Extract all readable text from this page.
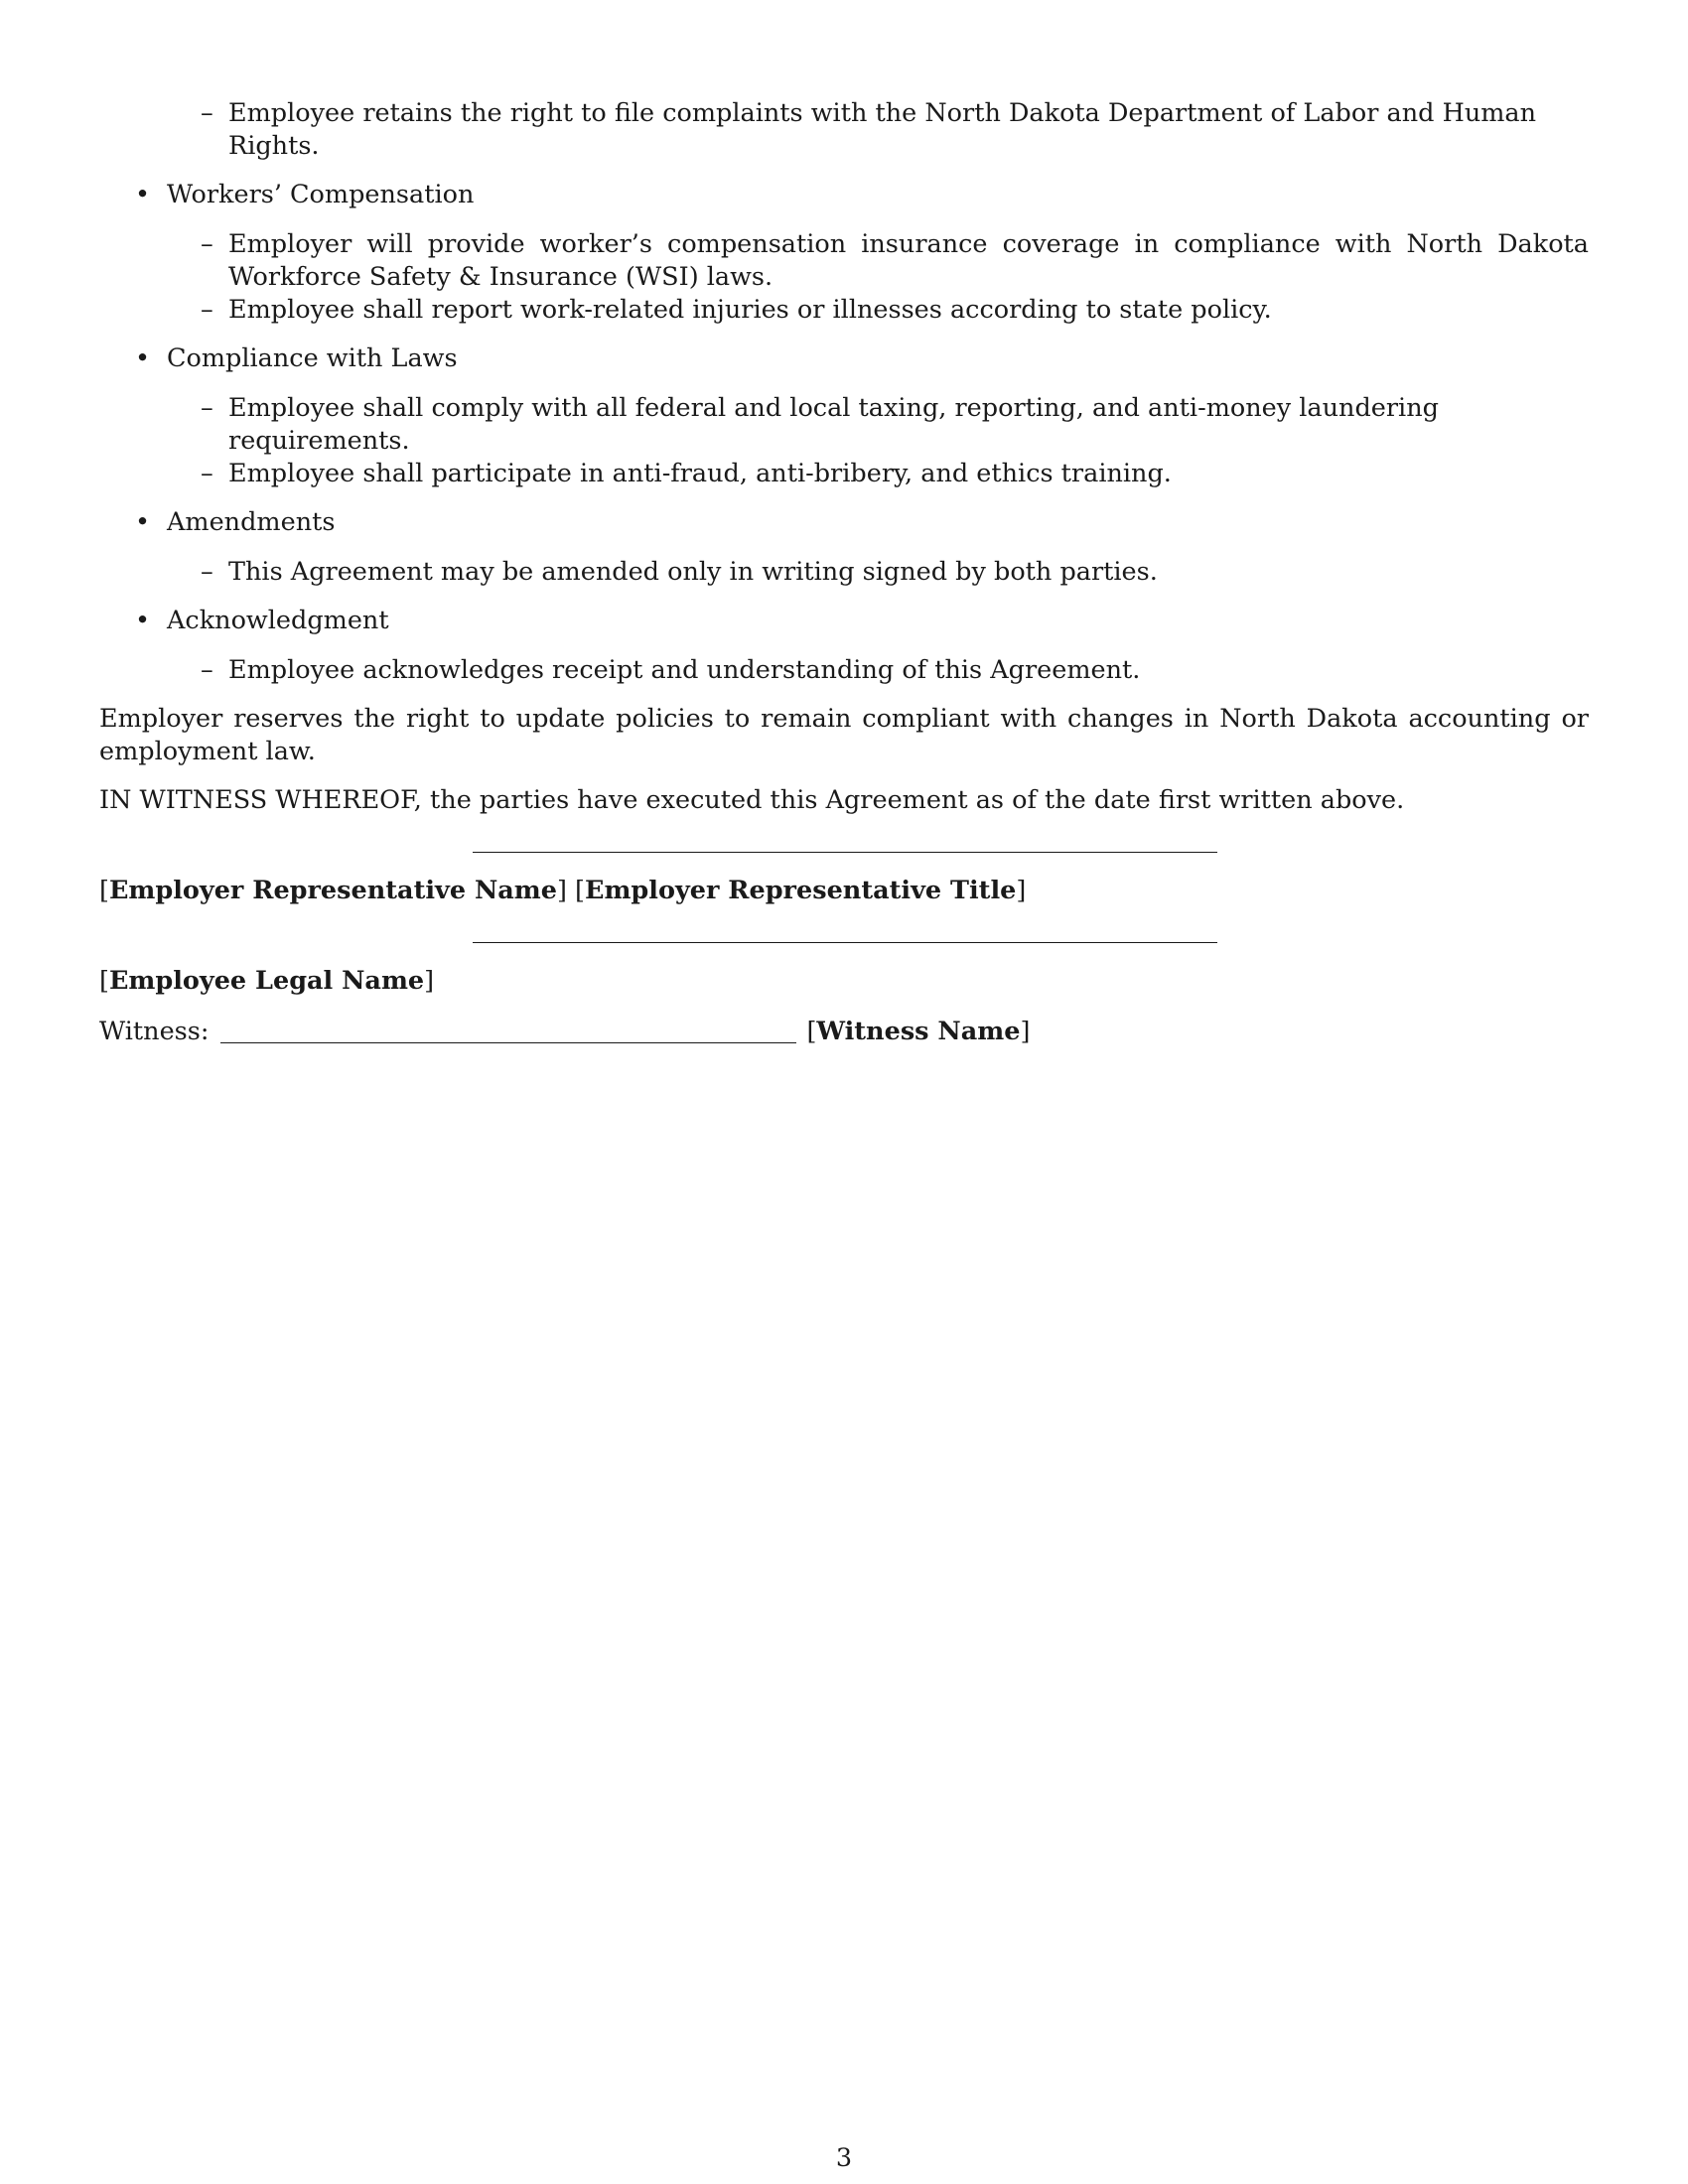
– Employee retains the right to file complaints with the North Dakota Department of Labor and Human Rights.
• Workers’ Compensation
– Employer will provide worker’s compensation insurance coverage in compliance with North Dakota Workforce Safety & Insurance (WSI) laws.
– Employee shall report work-related injuries or illnesses according to state policy.
• Compliance with Laws
– Employee shall comply with all federal and local taxing, reporting, and anti-money laundering requirements.
– Employee shall participate in anti-fraud, anti-bribery, and ethics training.
• Amendments
– This Agreement may be amended only in writing signed by both parties.
• Acknowledgment
– Employee acknowledges receipt and understanding of this Agreement.

Employer reserves the right to update policies to remain compliant with changes in North Dakota accounting or employment law.

IN WITNESS WHEREOF, the parties have executed this Agreement as of the date first written above.

[Employer Representative Name] [Employer Representative Title]
[Employee Legal Name]
Witness:	[Witness Name]
3
